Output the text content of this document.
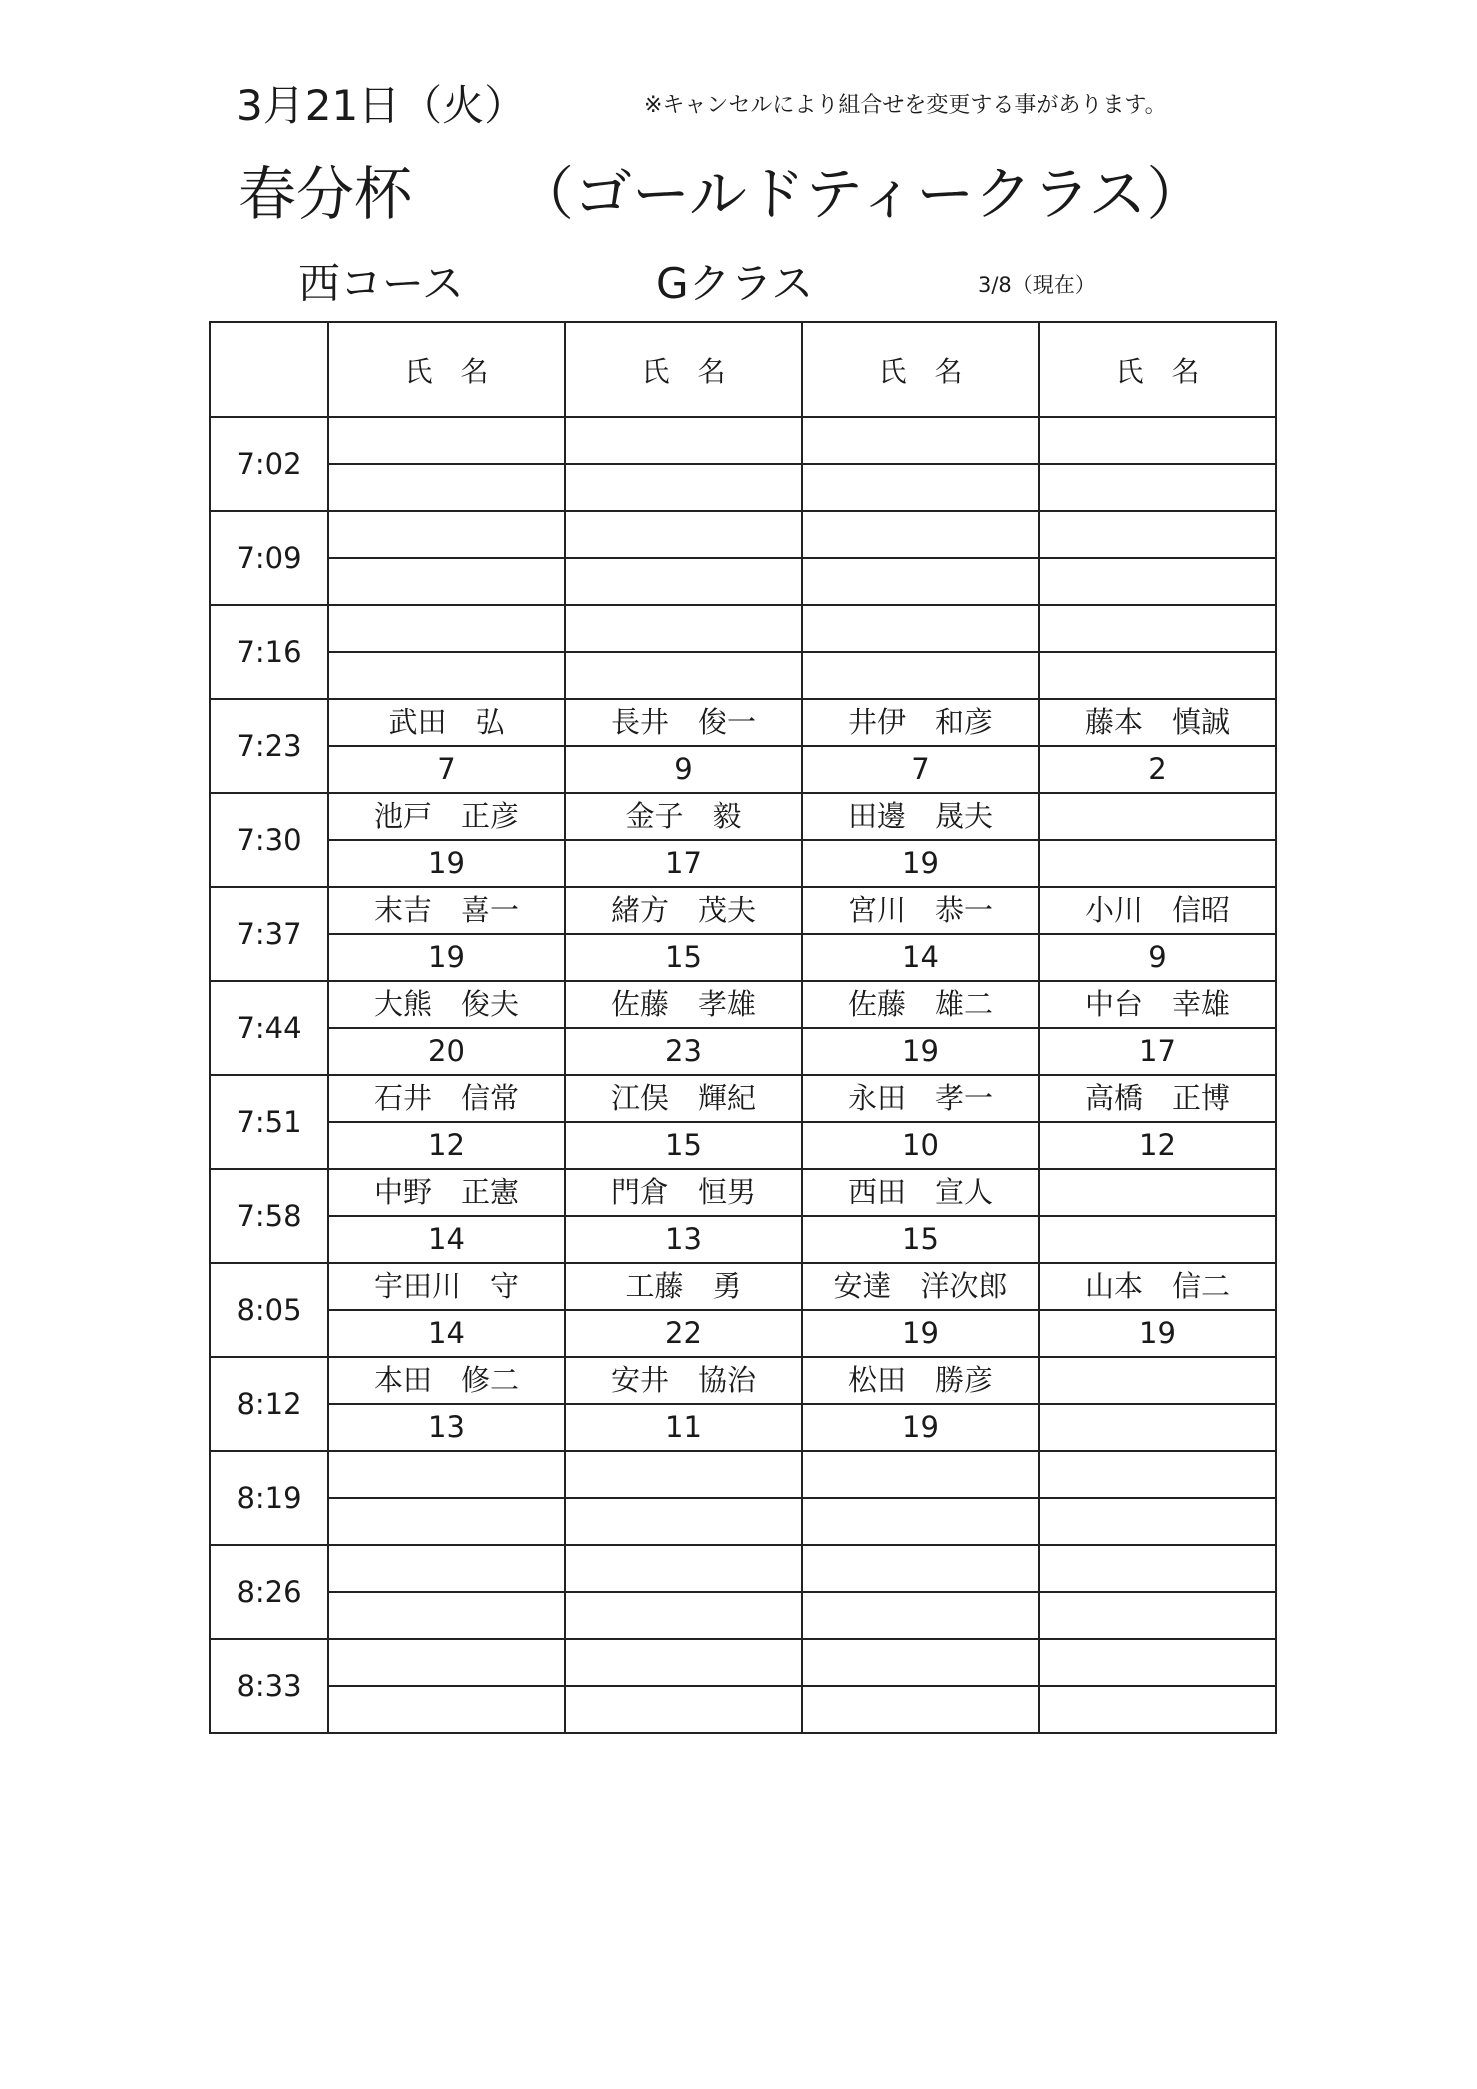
3月21日（火）	※キャンセルにより組合せを変更する事があります。
春分杯 （ゴールドティークラス）
西コース	Gクラス	3/8（現在）
	氏　名	氏　名	氏　名	氏　名
7:02				

7:09				

7:16				

7:23	武田　弘	長井　俊一	井伊　和彦	藤本　慎誠
	7	9	7	2
7:30	池戸　正彦	金子　毅	田邊　晟夫	
	19	17	19	
7:37	末吉　喜一	緒方　茂夫	宮川　恭一	小川　信昭
	19	15	14	9
7:44	大熊　俊夫	佐藤　孝雄	佐藤　雄二	中台　幸雄
	20	23	19	17
7:51	石井　信常	江俣　輝紀	永田　孝一	高橋　正博
	12	15	10	12
7:58	中野　正憲	門倉　恒男	西田　宣人	
	14	13	15	
8:05	宇田川　守	工藤　勇	安達　洋次郎	山本　信二
	14	22	19	19
8:12	本田　修二	安井　協治	松田　勝彦	
	13	11	19	
8:19				

8:26				

8:33				
